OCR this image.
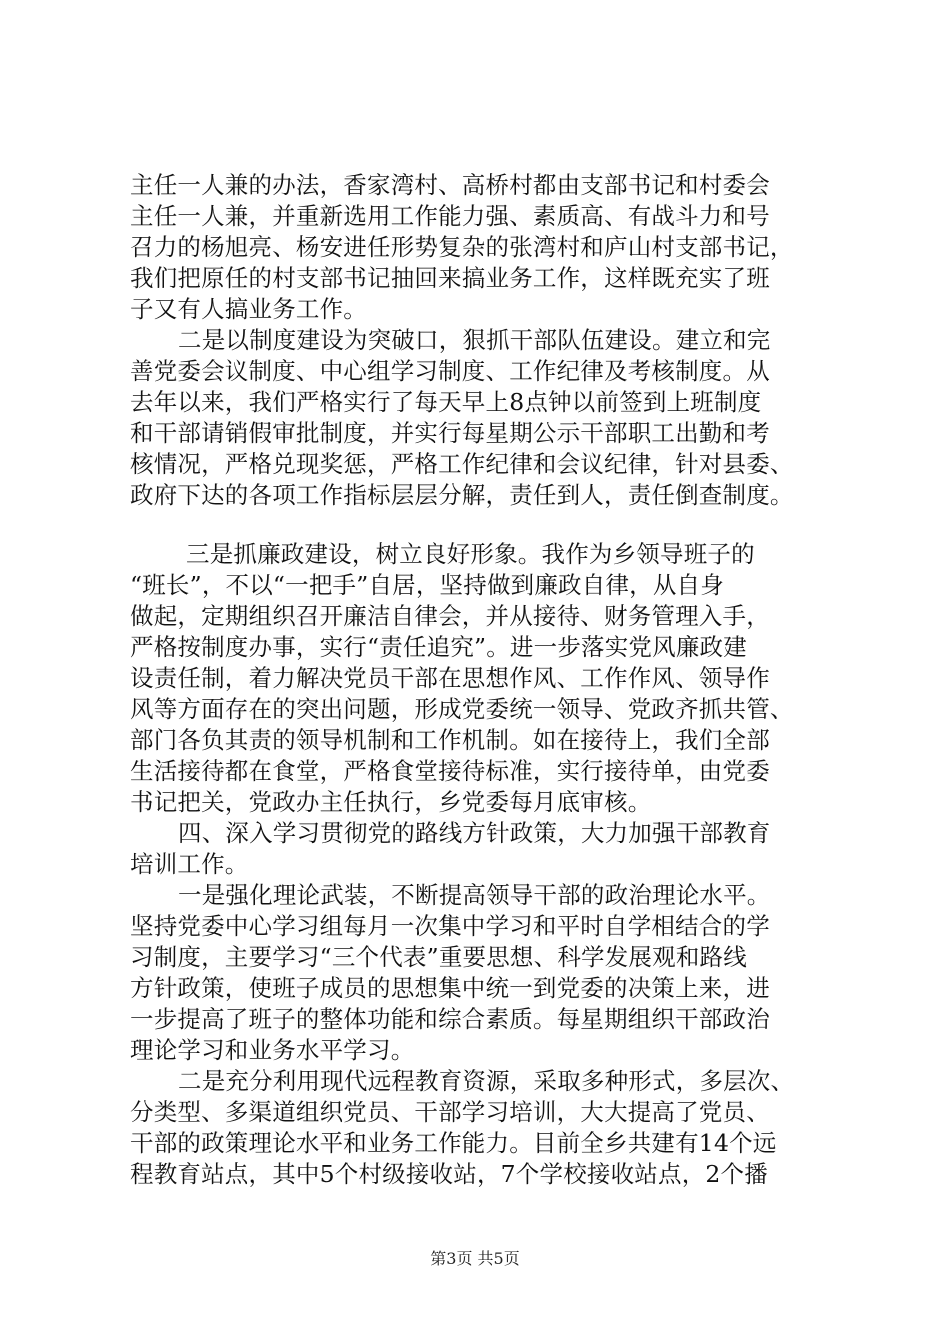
主任一人兼的办法，香家湾村、高桥村都由支部书记和村委会
主任一人兼，并重新选用工作能力强、素质高、有战斗力和号
召力的杨旭亮、杨安进任形势复杂的张湾村和庐山村支部书记，
我们把原任的村支部书记抽回来搞业务工作，这样既充实了班
子又有人搞业务工作。
二是以制度建设为突破口，狠抓干部队伍建设。建立和完
善党委会议制度、中心组学习制度、工作纪律及考核制度。从
去年以来，我们严格实行了每天早上8点钟以前签到上班制度
和干部请销假审批制度，并实行每星期公示干部职工出勤和考
核情况，严格兑现奖惩，严格工作纪律和会议纪律，针对县委、
政府下达的各项工作指标层层分解，责任到人，责任倒查制度。
三是抓廉政建设，树立良好形象。我作为乡领导班子的
“班长”，不以“一把手”自居，坚持做到廉政自律，从自身
做起，定期组织召开廉洁自律会，并从接待、财务管理入手，
严格按制度办事，实行“责任追究”。进一步落实党风廉政建
设责任制，着力解决党员干部在思想作风、工作作风、领导作
风等方面存在的突出问题，形成党委统一领导、党政齐抓共管、
部门各负其责的领导机制和工作机制。如在接待上，我们全部
生活接待都在食堂，严格食堂接待标准，实行接待单，由党委
书记把关，党政办主任执行，乡党委每月底审核。
四、深入学习贯彻党的路线方针政策，大力加强干部教育
培训工作。
一是强化理论武装，不断提高领导干部的政治理论水平。
坚持党委中心学习组每月一次集中学习和平时自学相结合的学
习制度，主要学习“三个代表”重要思想、科学发展观和路线
方针政策，使班子成员的思想集中统一到党委的决策上来，进
一步提高了班子的整体功能和综合素质。每星期组织干部政治
理论学习和业务水平学习。
二是充分利用现代远程教育资源，采取多种形式，多层次、
分类型、多渠道组织党员、干部学习培训，大大提高了党员、
干部的政策理论水平和业务工作能力。目前全乡共建有14个远
程教育站点，其中5个村级接收站，7个学校接收站点，2个播
第3页 共5页
